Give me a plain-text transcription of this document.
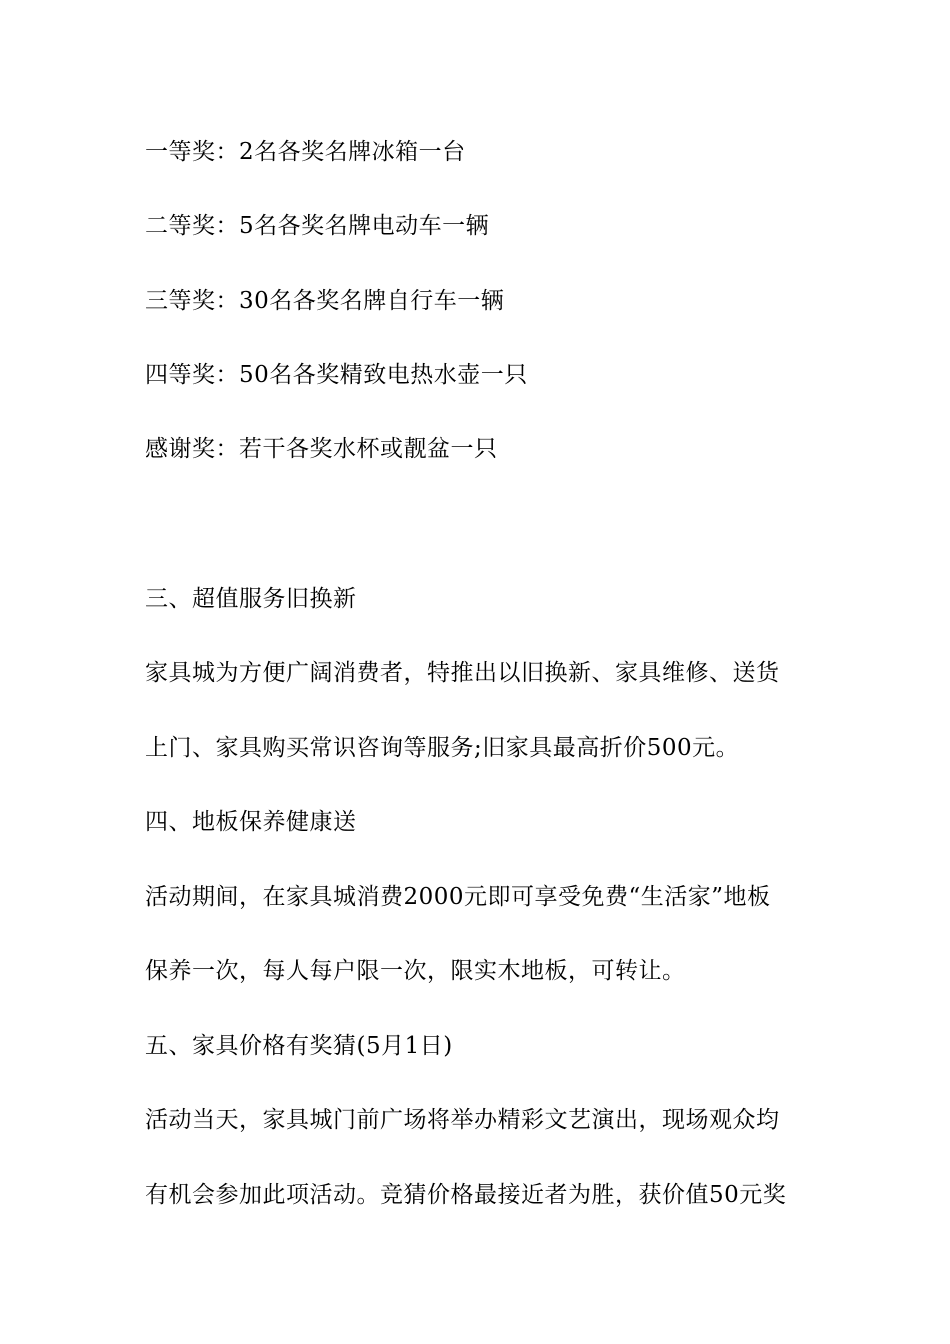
一等奖：2名各奖名牌冰箱一台
二等奖：5名各奖名牌电动车一辆
三等奖：30名各奖名牌自行车一辆
四等奖：50名各奖精致电热水壶一只
感谢奖：若干各奖水杯或靓盆一只
三、超值服务旧换新
家具城为方便广阔消费者，特推出以旧换新、家具维修、送货
上门、家具购买常识咨询等服务;旧家具最高折价500元。
四、地板保养健康送
活动期间，在家具城消费2000元即可享受免费“生活家”地板
保养一次，每人每户限一次，限实木地板，可转让。
五、家具价格有奖猜(5月1日)
活动当天，家具城门前广场将举办精彩文艺演出，现场观众均
有机会参加此项活动。竞猜价格最接近者为胜，获价值50元奖
